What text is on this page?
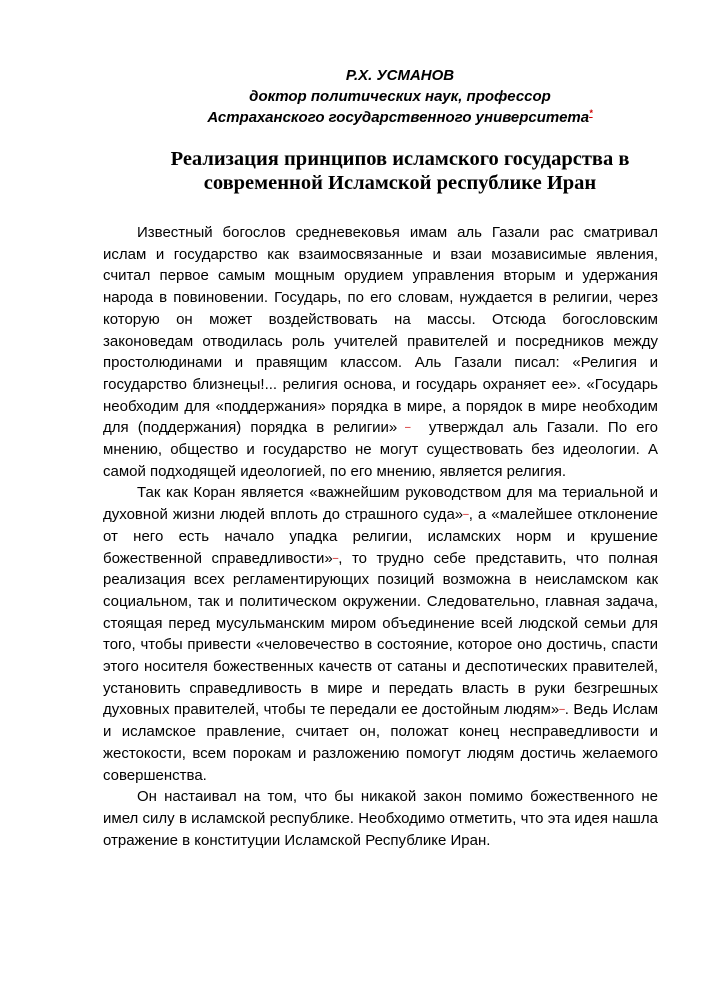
Р.Х. УСМАНОВ
доктор политических наук, профессор
Астраханского государственного университета*
Реализация принципов исламского государства в
современной Исламской республике Иран

Известный богослов средневековья имам аль Газали рас сматривал ислам и государство как взаимосвязанные и взаи мозависимые явления, считал первое самым мощным орудием управления вторым и удержания народа в повиновении. Государь, по его словам, нуждается в религии, через которую он может воздействовать на массы. Отсюда богословским законоведам отводилась роль учителей правителей и посредников между простолюдинами и правящим классом. Аль Газали писал: «Религия и государство близнецы!... религия основа, и государь охраняет ее». «Государь необходим для «поддержания» порядка в мире, а порядок в мире необходим для (поддержания) порядка в религии» –  утверждал аль Газали. По его мнению, общество и государство не могут существовать без идеологии. А самой подходящей идеологией, по его мнению, является религия.

Так как Коран является «важнейшим руководством для ма териальной и духовной жизни людей вплоть до страшного суда»–, а «малейшее отклонение от него есть начало упадка религии, исламских норм и крушение божественной справедливости»–, то трудно себе представить, что полная реализация всех регламентирующих позиций возможна в неисламском как социальном, так и политическом окружении. Следовательно, главная задача, стоящая перед мусульманским миром объединение всей людской семьи для того, чтобы привести «человечество в состояние, которое оно достичь, спасти этого носителя божественных качеств от сатаны и деспотических правителей, установить справедливость в мире и передать власть в руки безгрешных духовных правителей, чтобы те передали ее достойным людям»–. Ведь Ислам и исламское правление, считает он, положат конец несправедливости и жестокости, всем порокам и разложению помогут людям достичь желаемого совершенства.

Он настаивал на том, что бы никакой закон помимо божественного не имел силу в исламской республике. Необходимо отметить, что эта идея нашла отражение в конституции Исламской Республике Иран.
